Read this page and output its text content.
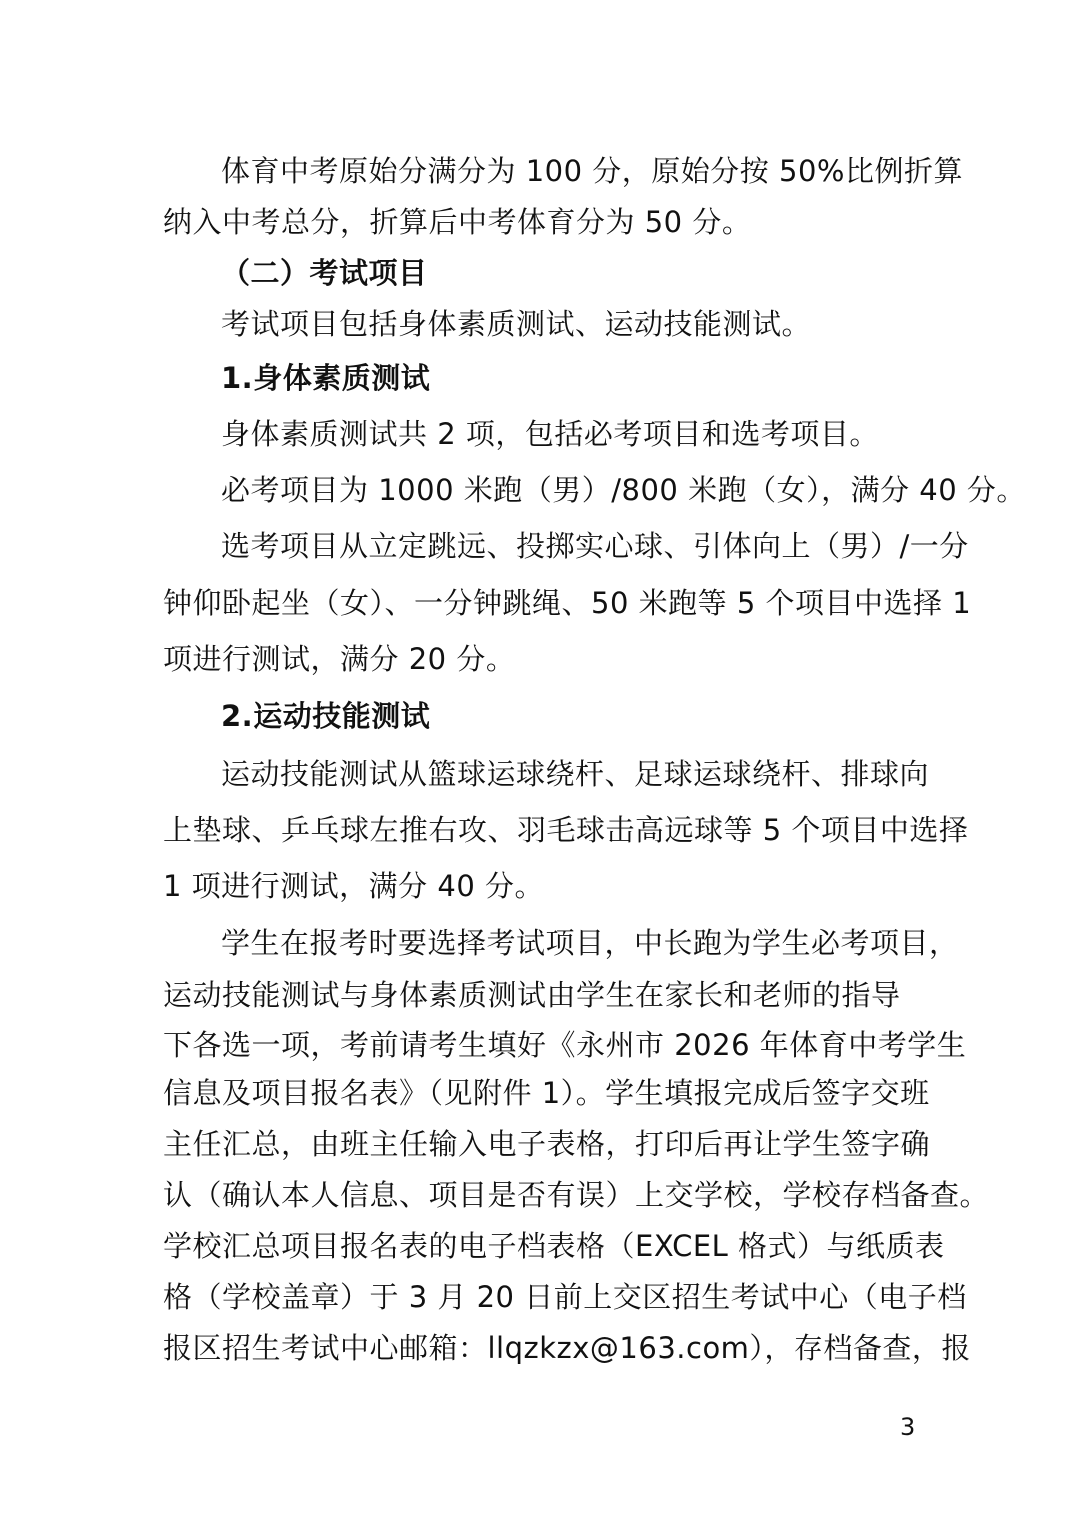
体育中考原始分满分为 100 分，原始分按 50%比例折算
纳入中考总分，折算后中考体育分为 50 分。
（二）考试项目
考试项目包括身体素质测试、运动技能测试。
1.身体素质测试
身体素质测试共 2 项，包括必考项目和选考项目。
必考项目为 1000 米跑（男）/800 米跑（女），满分 40 分。
选考项目从立定跳远、投掷实心球、引体向上（男）/一分
钟仰卧起坐（女）、一分钟跳绳、50 米跑等 5 个项目中选择 1
项进行测试，满分 20 分。
2.运动技能测试
运动技能测试从篮球运球绕杆、足球运球绕杆、排球向
上垫球、乒乓球左推右攻、羽毛球击高远球等 5 个项目中选择
1 项进行测试，满分 40 分。
学生在报考时要选择考试项目，中长跑为学生必考项目，
运动技能测试与身体素质测试由学生在家长和老师的指导
下各选一项，考前请考生填好《永州市 2026 年体育中考学生
信息及项目报名表》（见附件 1）。学生填报完成后签字交班
主任汇总，由班主任输入电子表格，打印后再让学生签字确
认（确认本人信息、项目是否有误）上交学校，学校存档备查。
学校汇总项目报名表的电子档表格（EXCEL 格式）与纸质表
格（学校盖章）于 3 月 20 日前上交区招生考试中心（电子档
报区招生考试中心邮箱：llqzkzx@163.com），存档备查，报
3
